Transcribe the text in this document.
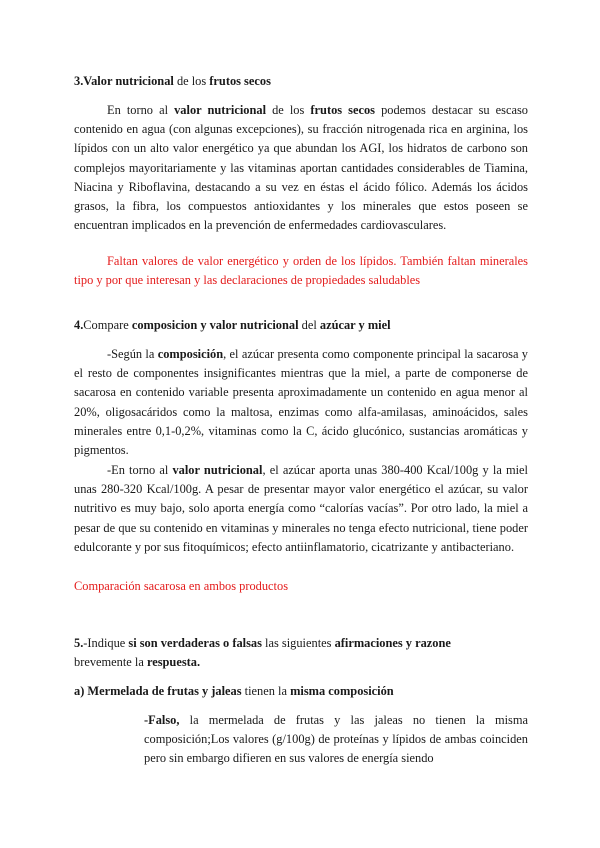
3.Valor nutricional de los frutos secos

En torno al valor nutricional de los frutos secos podemos destacar su escaso contenido en agua (con algunas excepciones), su fracción nitrogenada rica en arginina, los lípidos con un alto valor energético ya que abundan los AGI, los hidratos de carbono son complejos mayoritariamente y las vitaminas aportan cantidades considerables de Tiamina, Niacina y Riboflavina, destacando a su vez en éstas el ácido fólico. Además los ácidos grasos, la fibra, los compuestos antioxidantes y los minerales que estos poseen se encuentran implicados en la prevención de enfermedades cardiovasculares.

Faltan valores de valor energético y orden de los lípidos. También faltan minerales tipo y por que interesan y las declaraciones de propiedades saludables

4.Compare composicion y valor nutricional del azúcar y miel

-Según la composición, el azúcar presenta como componente principal la sacarosa y el resto de componentes insignificantes mientras que la miel, a parte de componerse de sacarosa en contenido variable presenta aproximadamente un contenido en agua menor al 20%, oligosacáridos como la maltosa, enzimas como alfa-amilasas, aminoácidos, sales minerales entre 0,1-0,2%, vitaminas como la C, ácido glucónico, sustancias aromáticas y pigmentos.

-En torno al valor nutricional, el azúcar aporta unas 380-400 Kcal/100g y la miel unas 280-320 Kcal/100g. A pesar de presentar mayor valor energético el azúcar, su valor nutritivo es muy bajo, solo aporta energía como “calorías vacías”. Por otro lado, la miel a pesar de que su contenido en vitaminas y minerales no tenga efecto nutricional, tiene poder edulcorante y por sus fitoquímicos; efecto antiinflamatorio, cicatrizante y antibacteriano.

Comparación sacarosa en ambos productos

5.-Indique si son verdaderas o falsas las siguientes afirmaciones y razone
brevemente la respuesta.

a) Mermelada de frutas y jaleas tienen la misma composición

-Falso, la mermelada de frutas y las jaleas no tienen la misma composición;Los valores (g/100g) de proteínas y lípidos de ambas coinciden pero sin embargo difieren en sus valores de energía siendo
